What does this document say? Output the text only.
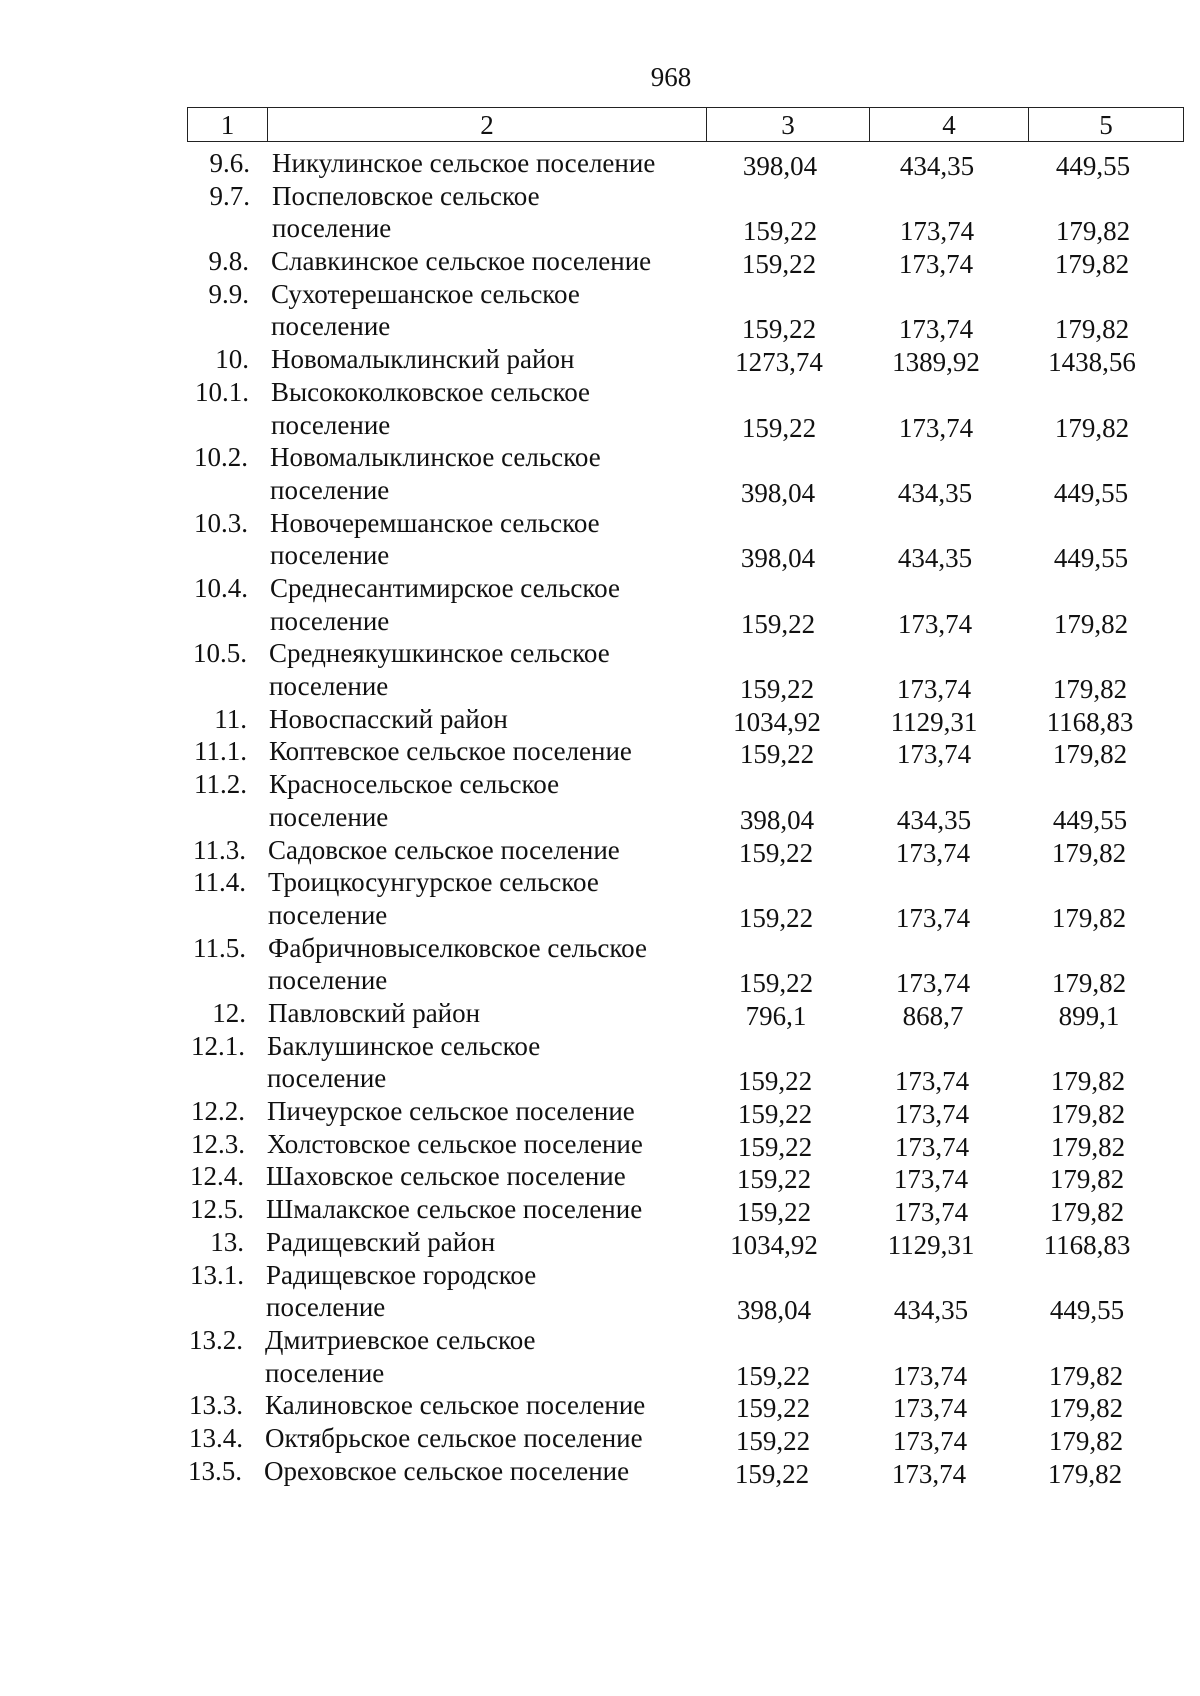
968
1	2	3	4	5
9.6. Никулинское сельское поселение	398,04	434,35	449,55
9.7. Поспеловское сельское
поселение	159,22	173,74	179,82
9.8. Славкинское сельское поселение	159,22	173,74	179,82
9.9. Сухотерешанское сельское
поселение	159,22	173,74	179,82
10. Новомалыклинский район	1273,74	1389,92	1438,56
10.1. Высококолковское сельское
поселение	159,22	173,74	179,82
10.2. Новомалыклинское сельское
поселение	398,04	434,35	449,55
10.3. Новочеремшанское сельское
поселение	398,04	434,35	449,55
10.4. Среднесантимирское сельское
поселение	159,22	173,74	179,82
10.5. Среднеякушкинское сельское
поселение	159,22	173,74	179,82
11. Новоспасский район	1034,92	1129,31	1168,83
11.1. Коптевское сельское поселение	159,22	173,74	179,82
11.2. Красносельское сельское
поселение	398,04	434,35	449,55
11.3. Садовское сельское поселение	159,22	173,74	179,82
11.4. Троицкосунгурское сельское
поселение	159,22	173,74	179,82
11.5. Фабричновыселковское сельское
поселение	159,22	173,74	179,82
12. Павловский район	796,1	868,7	899,1
12.1. Баклушинское сельское
поселение	159,22	173,74	179,82
12.2. Пичеурское сельское поселение	159,22	173,74	179,82
12.3. Холстовское сельское поселение	159,22	173,74	179,82
12.4. Шаховское сельское поселение	159,22	173,74	179,82
12.5. Шмалакское сельское поселение	159,22	173,74	179,82
13. Радищевский район	1034,92	1129,31	1168,83
13.1. Радищевское городское
поселение	398,04	434,35	449,55
13.2. Дмитриевское сельское
поселение	159,22	173,74	179,82
13.3. Калиновское сельское поселение	159,22	173,74	179,82
13.4. Октябрьское сельское поселение	159,22	173,74	179,82
13.5. Ореховское сельское поселение	159,22	173,74	179,82
